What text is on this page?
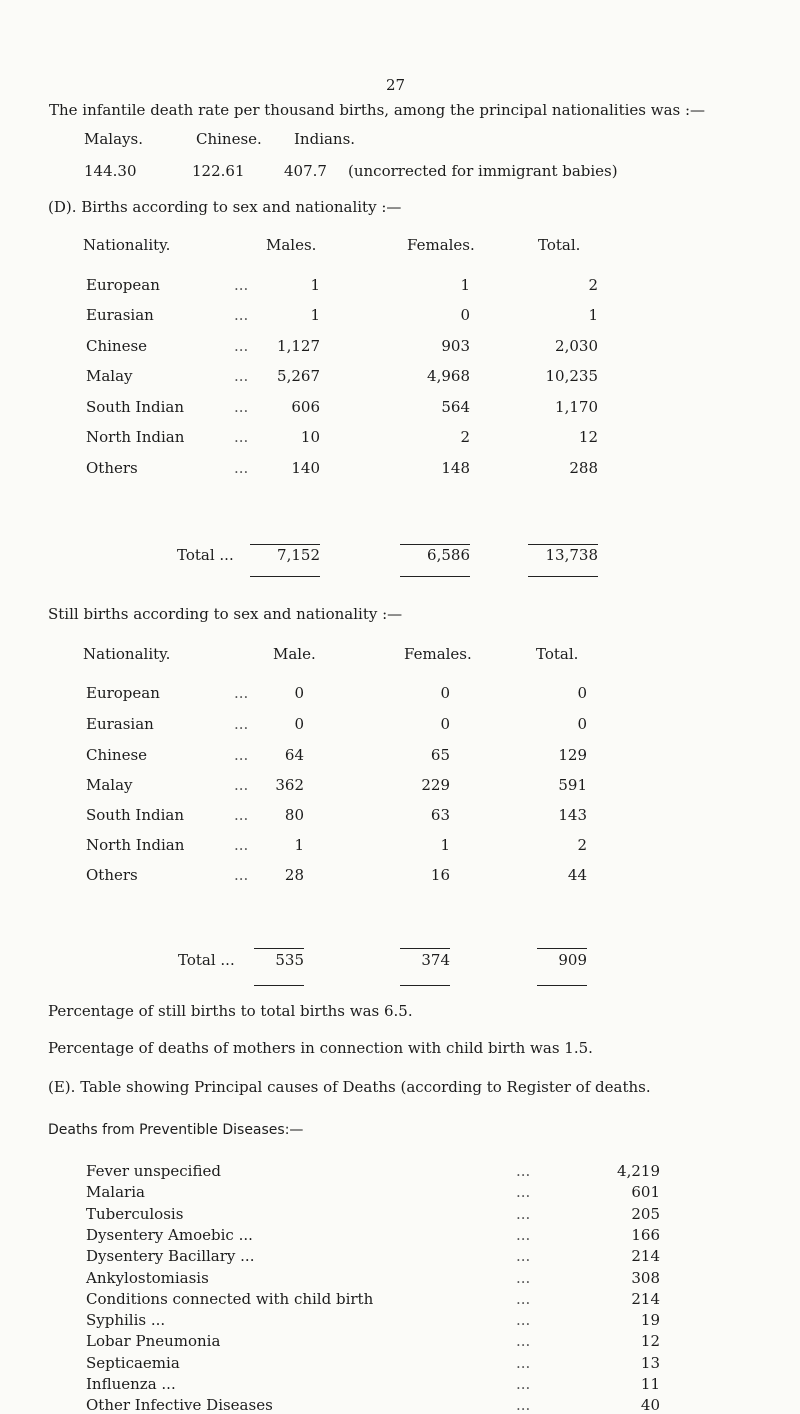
27
The infantile death rate per thousand births, among the principal nationalities was :—
Malays.	Chinese. Indians.
144.30	122.61	407.7 (uncorrected for immigrant babies)
(D). Births according to sex and nationality :—
Nationality.	Males.	Females.	Total.
European	...	1	1	2
Eurasian	...	1	0	1
Chinese	...	1,127	903	2,030
Malay	...	5,267	4,968	10,235
South Indian	...	606	564	1,170
North Indian	...	10	2	12
Others	...	140	148	288
Total ...	7,152	6,586	13,738
Still births according to sex and nationality :—
Nationality.	Male.	Females.	Total.
European	...	0	0	0
Eurasian	...	0	0	0
Chinese	...	64	65	129
Malay	...	362	229	591
South Indian	...	80	63	143
North Indian	...	1	1	2
Others	...	28	16	44
Total ...	535	374	909
Percentage of still births to total births was 6.5.
Percentage of deaths of mothers in connection with child birth was 1.5.
(E). Table showing Principal causes of Deaths (according to Register of deaths.
Deaths from Preventible Diseases:—
Fever unspecified	...	4,219
Malaria	...	601
Tuberculosis	...	205
Dysentery Amoebic ...	...	166
Dysentery Bacillary ...	...	214
Ankylostomiasis	...	308
Conditions connected with child birth	...	214
Syphilis ...	...	19
Lobar Pneumonia	...	12
Septicaemia	...	13
Influenza ...	...	11
Other Infective Diseases	...	40
